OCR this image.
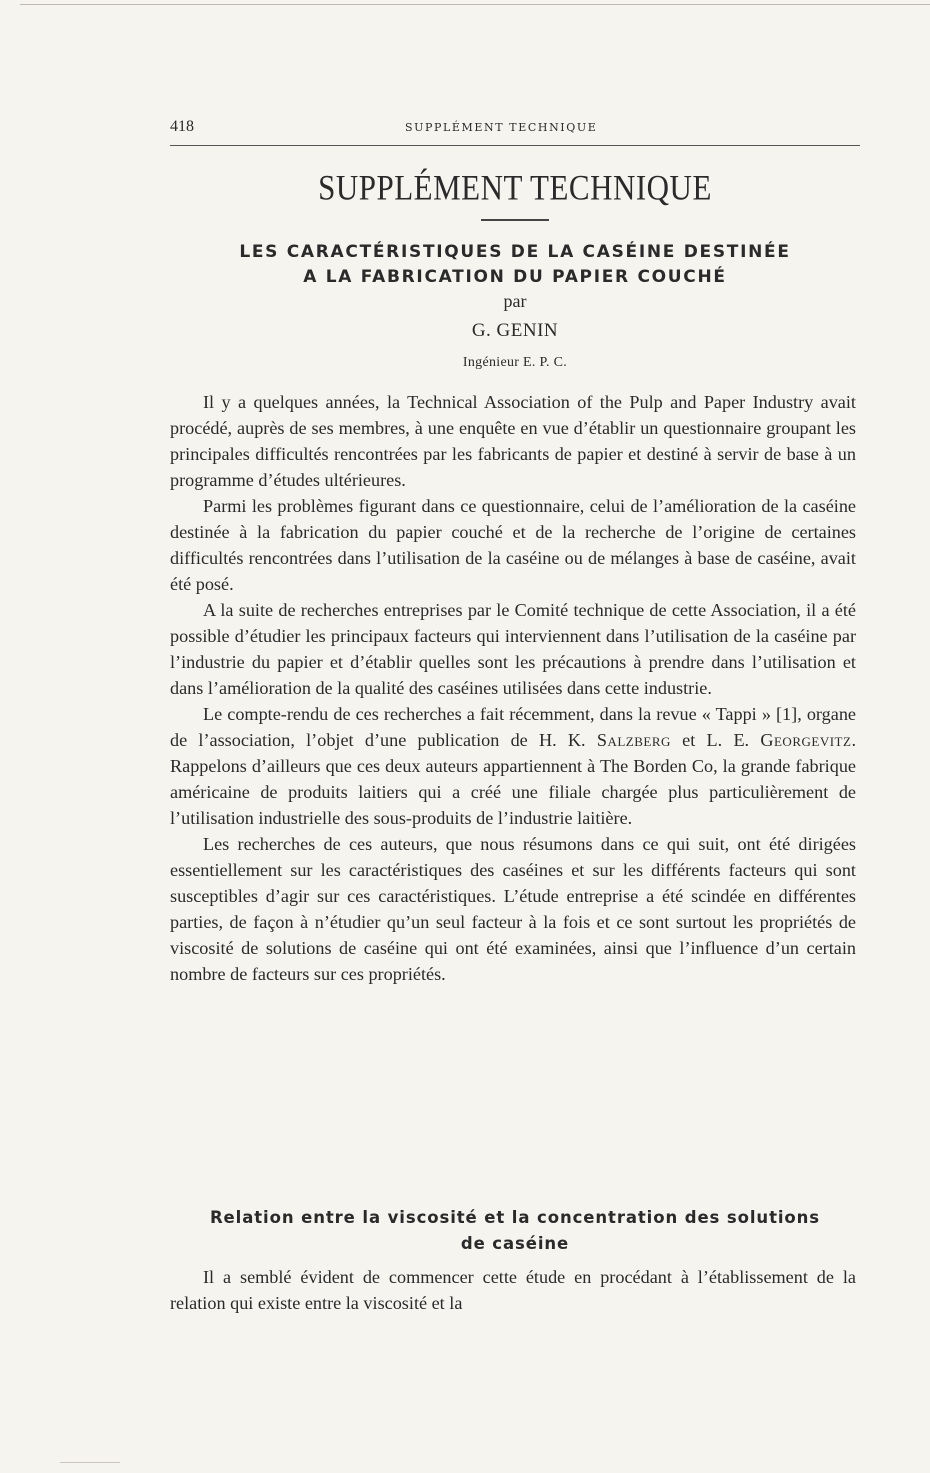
418	SUPPLÉMENT TECHNIQUE
SUPPLÉMENT TECHNIQUE
LES CARACTÉRISTIQUES DE LA CASÉINE DESTINÉE
A LA FABRICATION DU PAPIER COUCHÉ
par
G. GENIN
Ingénieur E. P. C.

Il y a quelques années, la Technical Association of the Pulp and Paper Industry avait procédé, auprès de ses membres, à une enquête en vue d’établir un questionnaire groupant les principales difficultés rencontrées par les fabricants de papier et destiné à servir de base à un programme d’études ultérieures.

Parmi les problèmes figurant dans ce questionnaire, celui de l’amélioration de la caséine destinée à la fabrication du papier couché et de la recherche de l’origine de certaines difficultés rencontrées dans l’utilisation de la caséine ou de mélanges à base de caséine, avait été posé.

A la suite de recherches entreprises par le Comité technique de cette Association, il a été possible d’étudier les principaux facteurs qui interviennent dans l’utilisation de la caséine par l’industrie du papier et d’établir quelles sont les précautions à prendre dans l’utilisation et dans l’amélioration de la qualité des caséines utilisées dans cette industrie.

Le compte-rendu de ces recherches a fait récemment, dans la revue « Tappi » [1], organe de l’association, l’objet d’une publication de H. K. Salzberg et L. E. Georgevitz. Rappelons d’ailleurs que ces deux auteurs appartiennent à The Borden Co, la grande fabrique américaine de produits laitiers qui a créé une filiale chargée plus particulièrement de l’utilisation industrielle des sous-produits de l’industrie laitière.

Les recherches de ces auteurs, que nous résumons dans ce qui suit, ont été dirigées essentiellement sur les caractéristiques des caséines et sur les différents facteurs qui sont susceptibles d’agir sur ces caractéristiques. L’étude entreprise a été scindée en différentes parties, de façon à n’étudier qu’un seul facteur à la fois et ce sont surtout les propriétés de viscosité de solutions de caséine qui ont été examinées, ainsi que l’influence d’un certain nombre de facteurs sur ces propriétés.

Relation entre la viscosité et la concentration des solutions
de caséine

Il a semblé évident de commencer cette étude en procédant à l’établissement de la relation qui existe entre la viscosité et la
